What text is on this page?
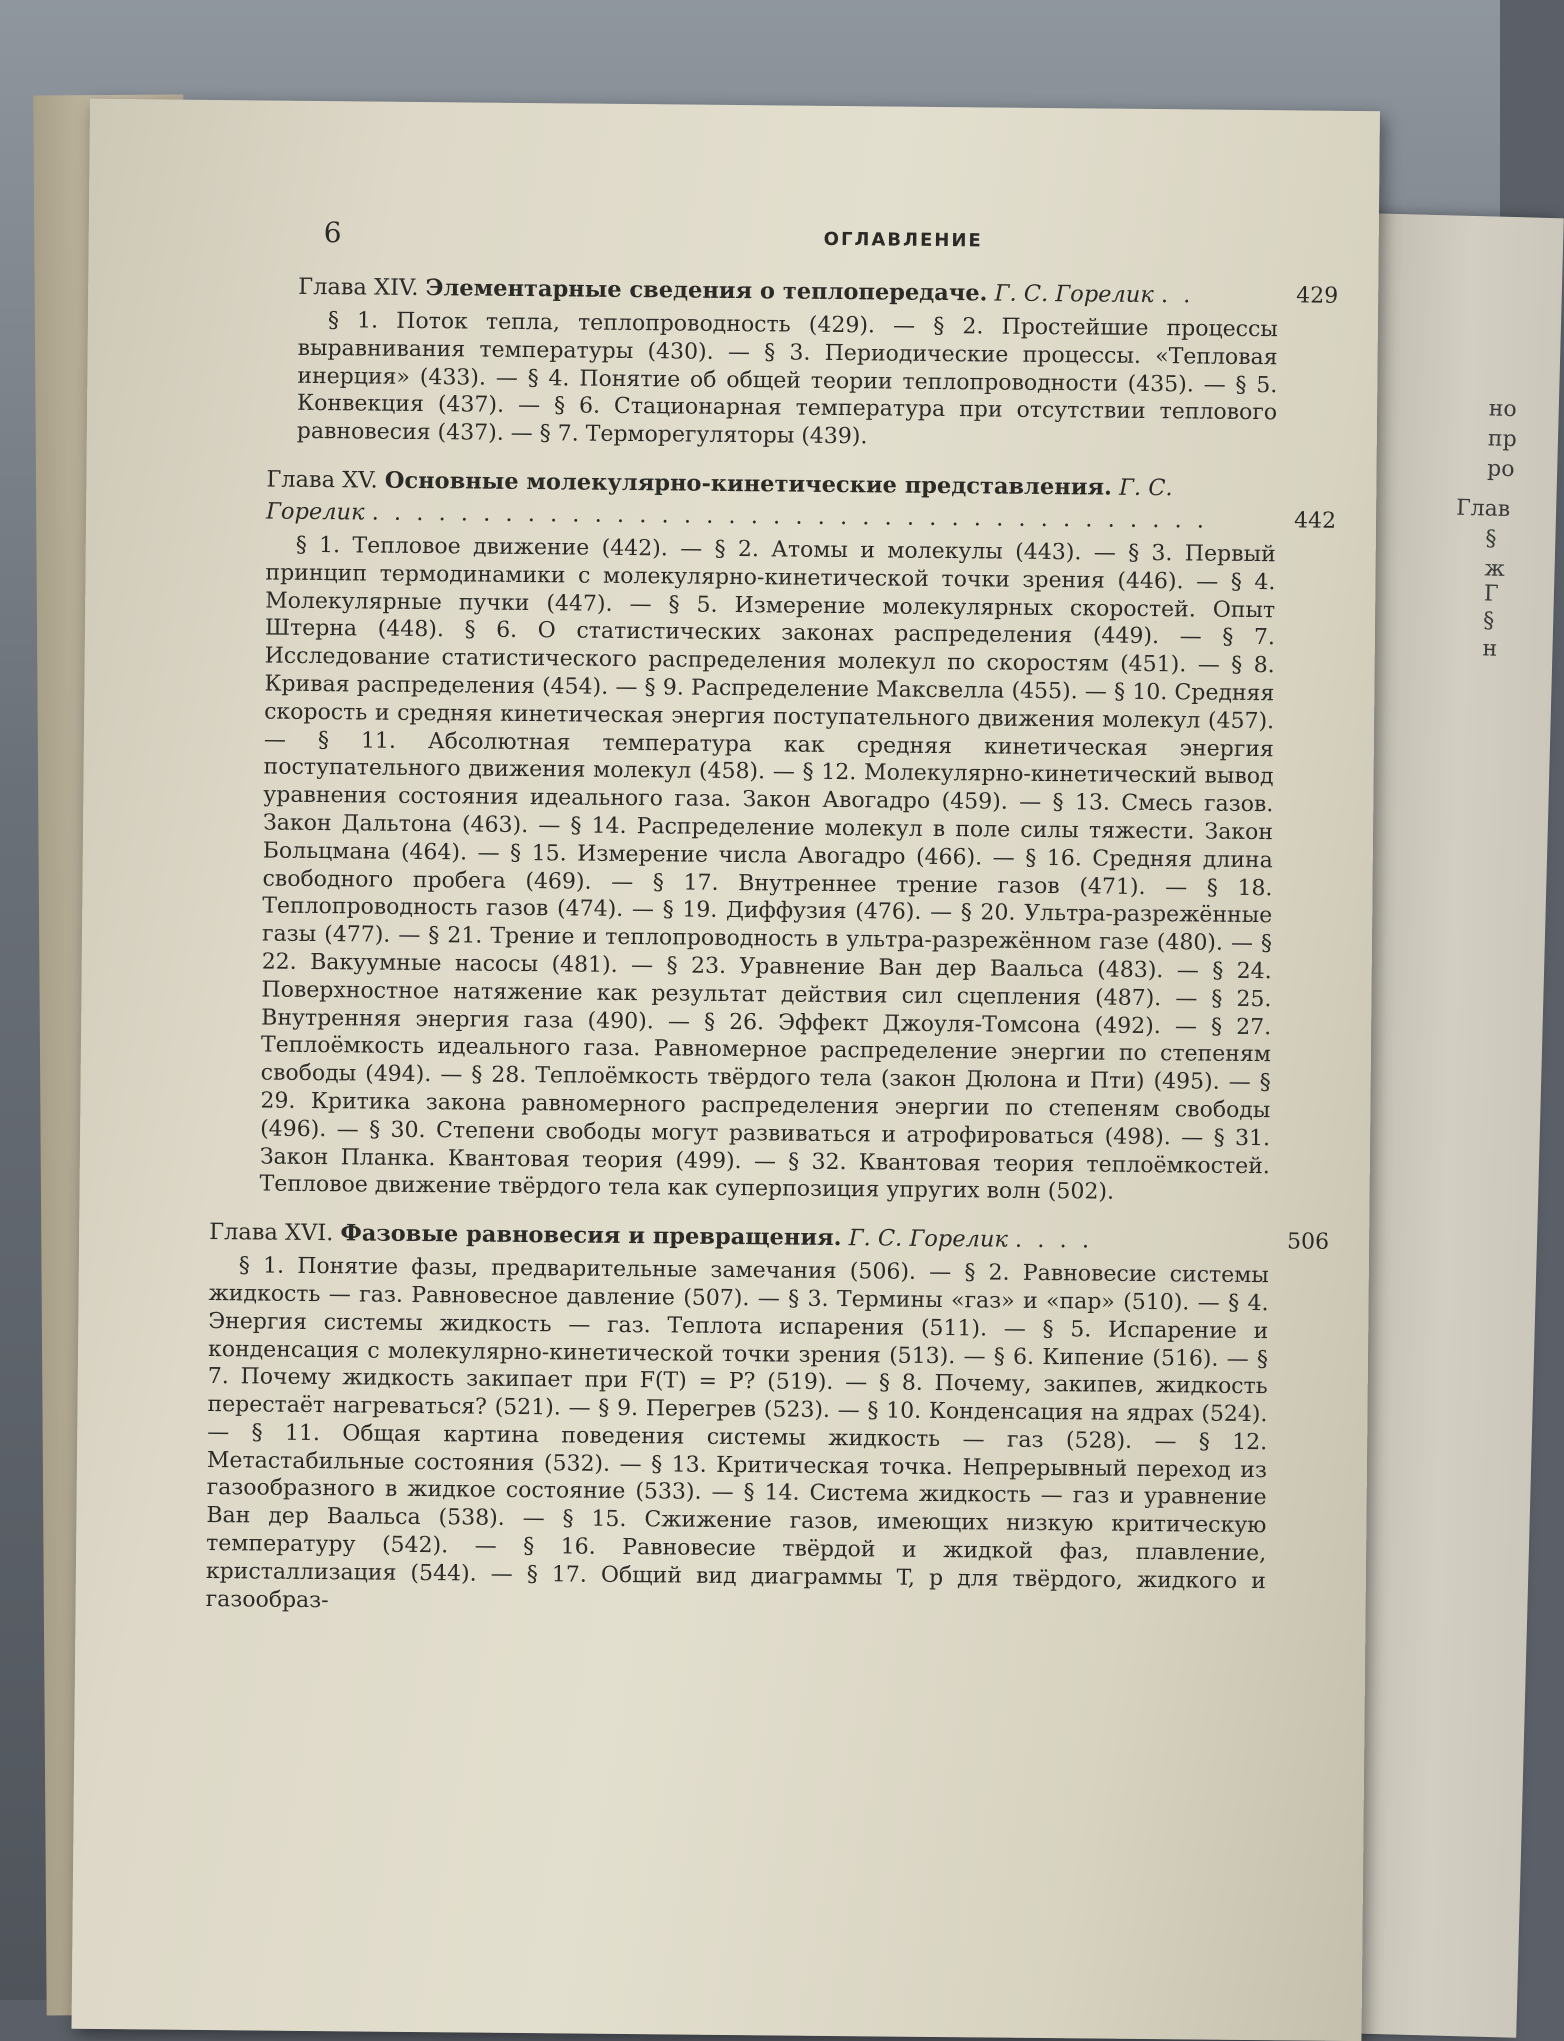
но
пр
ро
Глав
§
ж
Г
§
н
6	ОГЛАВЛЕНИЕ
Глава XIV. Элементарные сведения о теплопередаче. Г. С. Горелик . .	429
§ 1. Поток тепла, теплопроводность (429). — § 2. Простейшие процессы выравнивания температуры (430). — § 3. Периодические процессы. «Тепловая инерция» (433). — § 4. Понятие об общей теории теплопроводности (435). — § 5. Конвекция (437). — § 6. Стационарная температура при отсутствии теплового равновесия (437). — § 7. Терморегуляторы (439).
Глава XV. Основные молекулярно-кинетические представления. Г. С. Горелик . . . . . . . . . . . . . . . . . . . . . . . . . . . . . . . . . . . . . .	442
§ 1. Тепловое движение (442). — § 2. Атомы и молекулы (443). — § 3. Первый принцип термодинамики с молекулярно-кинетической точки зрения (446). — § 4. Молекулярные пучки (447). — § 5. Измерение молекулярных скоростей. Опыт Штерна (448). § 6. О статистических законах распределения (449). — § 7. Исследование статистического распределения молекул по скоростям (451). — § 8. Кривая распределения (454). — § 9. Распределение Максвелла (455). — § 10. Средняя скорость и средняя кинетическая энергия поступательного движения молекул (457). — § 11. Абсолютная температура как средняя кинетическая энергия поступательного движения молекул (458). — § 12. Молекулярно-кинетический вывод уравнения состояния идеального газа. Закон Авогадро (459). — § 13. Смесь газов. Закон Дальтона (463). — § 14. Распределение молекул в поле силы тяжести. Закон Больцмана (464). — § 15. Измерение числа Авогадро (466). — § 16. Средняя длина свободного пробега (469). — § 17. Внутреннее трение газов (471). — § 18. Теплопроводность газов (474). — § 19. Диффузия (476). — § 20. Ультра-разрежённые газы (477). — § 21. Трение и теплопроводность в ультра-разрежённом газе (480). — § 22. Вакуумные насосы (481). — § 23. Уравнение Ван дер Ваальса (483). — § 24. Поверхностное натяжение как результат действия сил сцепления (487). — § 25. Внутренняя энергия газа (490). — § 26. Эффект Джоуля-Томсона (492). — § 27. Теплоёмкость идеального газа. Равномерное распределение энергии по степеням свободы (494). — § 28. Теплоёмкость твёрдого тела (закон Дюлона и Пти) (495). — § 29. Критика закона равномерного распределения энергии по степеням свободы (496). — § 30. Степени свободы могут развиваться и атрофироваться (498). — § 31. Закон Планка. Квантовая теория (499). — § 32. Квантовая теория теплоёмкостей. Тепловое движение твёрдого тела как суперпозиция упругих волн (502).
Глава XVI. Фазовые равновесия и превращения. Г. С. Горелик . . . .	506
§ 1. Понятие фазы, предварительные замечания (506). — § 2. Равновесие системы жидкость — газ. Равновесное давление (507). — § 3. Термины «газ» и «пар» (510). — § 4. Энергия системы жидкость — газ. Теплота испарения (511). — § 5. Испарение и конденсация с молекулярно-кинетической точки зрения (513). — § 6. Кипение (516). — § 7. Почему жидкость закипает при F(T) = P? (519). — § 8. Почему, закипев, жидкость перестаёт нагреваться? (521). — § 9. Перегрев (523). — § 10. Конденсация на ядрах (524). — § 11. Общая картина поведения системы жидкость — газ (528). — § 12. Метастабильные состояния (532). — § 13. Критическая точка. Непрерывный переход из газообразного в жидкое состояние (533). — § 14. Система жидкость — газ и уравнение Ван дер Ваальса (538). — § 15. Сжижение газов, имеющих низкую критическую температуру (542). — § 16. Равновесие твёрдой и жидкой фаз, плавление, кристаллизация (544). — § 17. Общий вид диаграммы T, p для твёрдого, жидкого и газообраз-
